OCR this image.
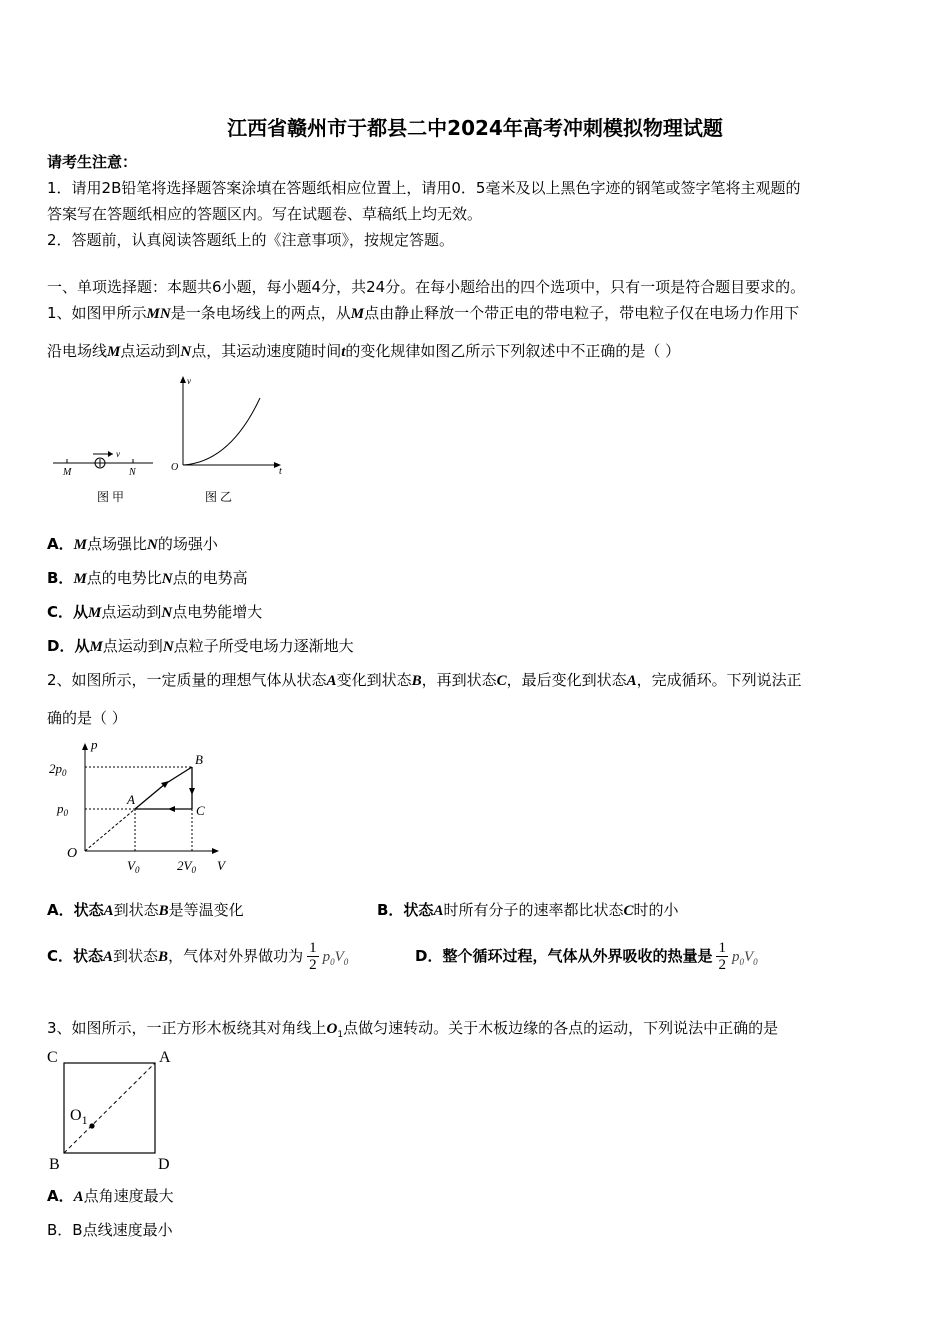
江西省赣州市于都县二中2024年高考冲刺模拟物理试题
请考生注意：
1．请用2B铅笔将选择题答案涂填在答题纸相应位置上，请用0．5毫米及以上黑色字迹的钢笔或签字笔将主观题的
答案写在答题纸相应的答题区内。写在试题卷、草稿纸上均无效。
2．答题前，认真阅读答题纸上的《注意事项》，按规定答题。
一、单项选择题：本题共6小题，每小题4分，共24分。在每小题给出的四个选项中，只有一项是符合题目要求的。
1、如图甲所示MN是一条电场线上的两点，从M点由静止释放一个带正电的带电粒子，带电粒子仅在电场力作用下
沿电场线M点运动到N点，其运动速度随时间t的变化规律如图乙所示下列叙述中不正确的是（ ）
v
M	N
图 甲
v
O	t
图 乙
A．M点场强比N的场强小
B．M点的电势比N点的电势高
C．从M点运动到N点电势能增大
D．从M点运动到N点粒子所受电场力逐渐地大
2、如图所示，一定质量的理想气体从状态A变化到状态B，再到状态C，最后变化到状态A，完成循环。下列说法正
确的是（ ）
p
$2p_0$
$p_0$
O
$V_0$	$2V_0$ V
A
B
C
A．状态A到状态B是等温变化	B．状态A时所有分子的速率都比状态C时的小
C．状态A到状态B，气体对外界做功为 $\frac{1}{2} p_0V_0$	D．整个循环过程，气体从外界吸收的热量是 $\frac{1}{2} p_0V_0$
3、如图所示，一正方形木板绕其对角线上$O_1$点做匀速转动。关于木板边缘的各点的运动，下列说法中正确的是
C	A
B	D
$O_1$
A．A点角速度最大
B．B点线速度最小
